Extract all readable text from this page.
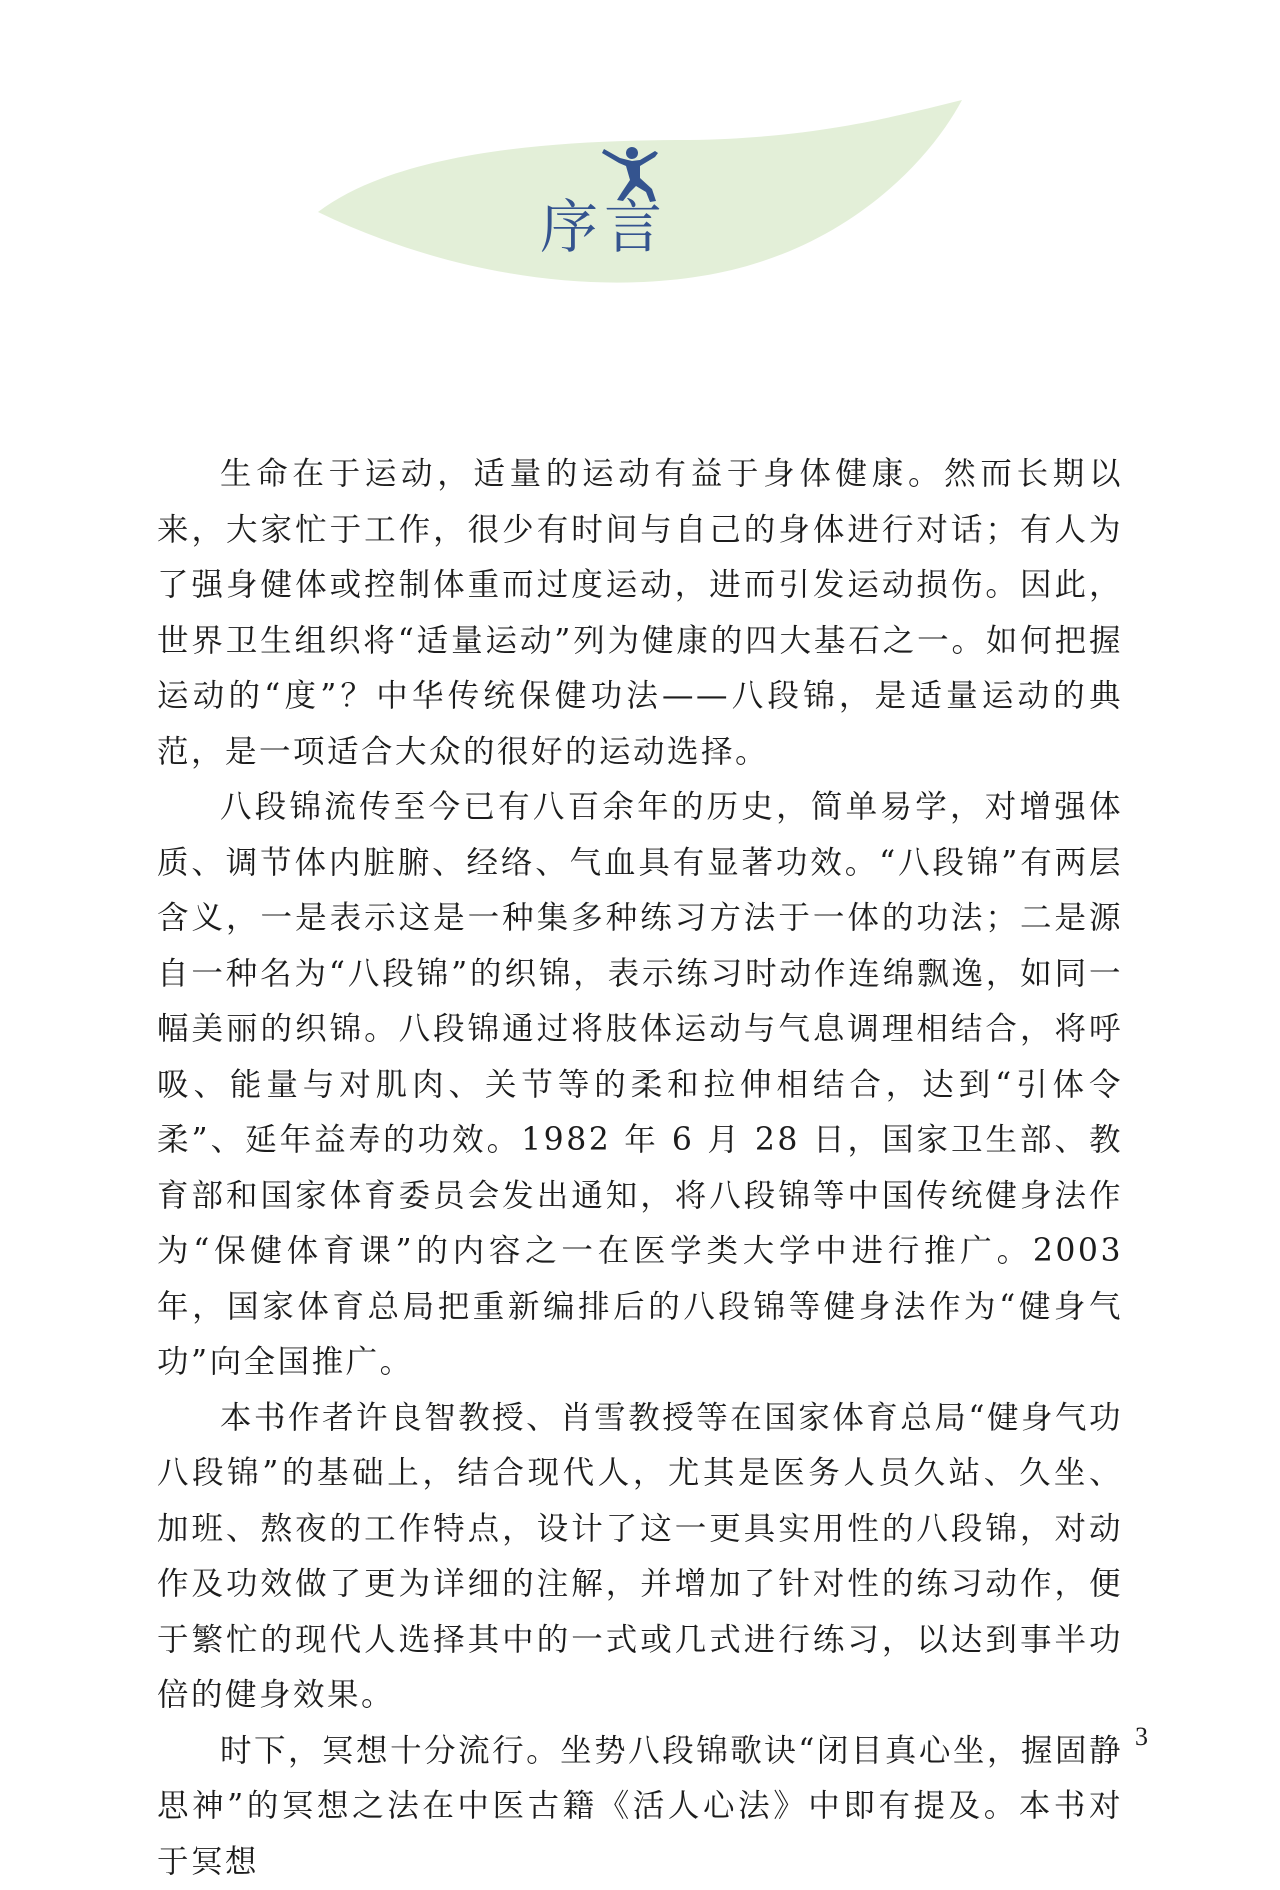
序言

生命在于运动，适量的运动有益于身体健康。然而长期以来，大家忙于工作，很少有时间与自己的身体进行对话；有人为了强身健体或控制体重而过度运动，进而引发运动损伤。因此，世界卫生组织将“适量运动”列为健康的四大基石之一。如何把握运动的“度”？中华传统保健功法——八段锦，是适量运动的典范，是一项适合大众的很好的运动选择。

八段锦流传至今已有八百余年的历史，简单易学，对增强体质、调节体内脏腑、经络、气血具有显著功效。“八段锦”有两层含义，一是表示这是一种集多种练习方法于一体的功法；二是源自一种名为“八段锦”的织锦，表示练习时动作连绵飘逸，如同一幅美丽的织锦。八段锦通过将肢体运动与气息调理相结合，将呼吸、能量与对肌肉、关节等的柔和拉伸相结合，达到“引体令柔”、延年益寿的功效。1982 年 6 月 28 日，国家卫生部、教育部和国家体育委员会发出通知，将八段锦等中国传统健身法作为“保健体育课”的内容之一在医学类大学中进行推广。2003 年，国家体育总局把重新编排后的八段锦等健身法作为“健身气功”向全国推广。

本书作者许良智教授、肖雪教授等在国家体育总局“健身气功八段锦”的基础上，结合现代人，尤其是医务人员久站、久坐、加班、熬夜的工作特点，设计了这一更具实用性的八段锦，对动作及功效做了更为详细的注解，并增加了针对性的练习动作，便于繁忙的现代人选择其中的一式或几式进行练习，以达到事半功倍的健身效果。

时下，冥想十分流行。坐势八段锦歌诀“闭目真心坐，握固静思神”的冥想之法在中医古籍《活人心法》中即有提及。本书对于冥想

3
